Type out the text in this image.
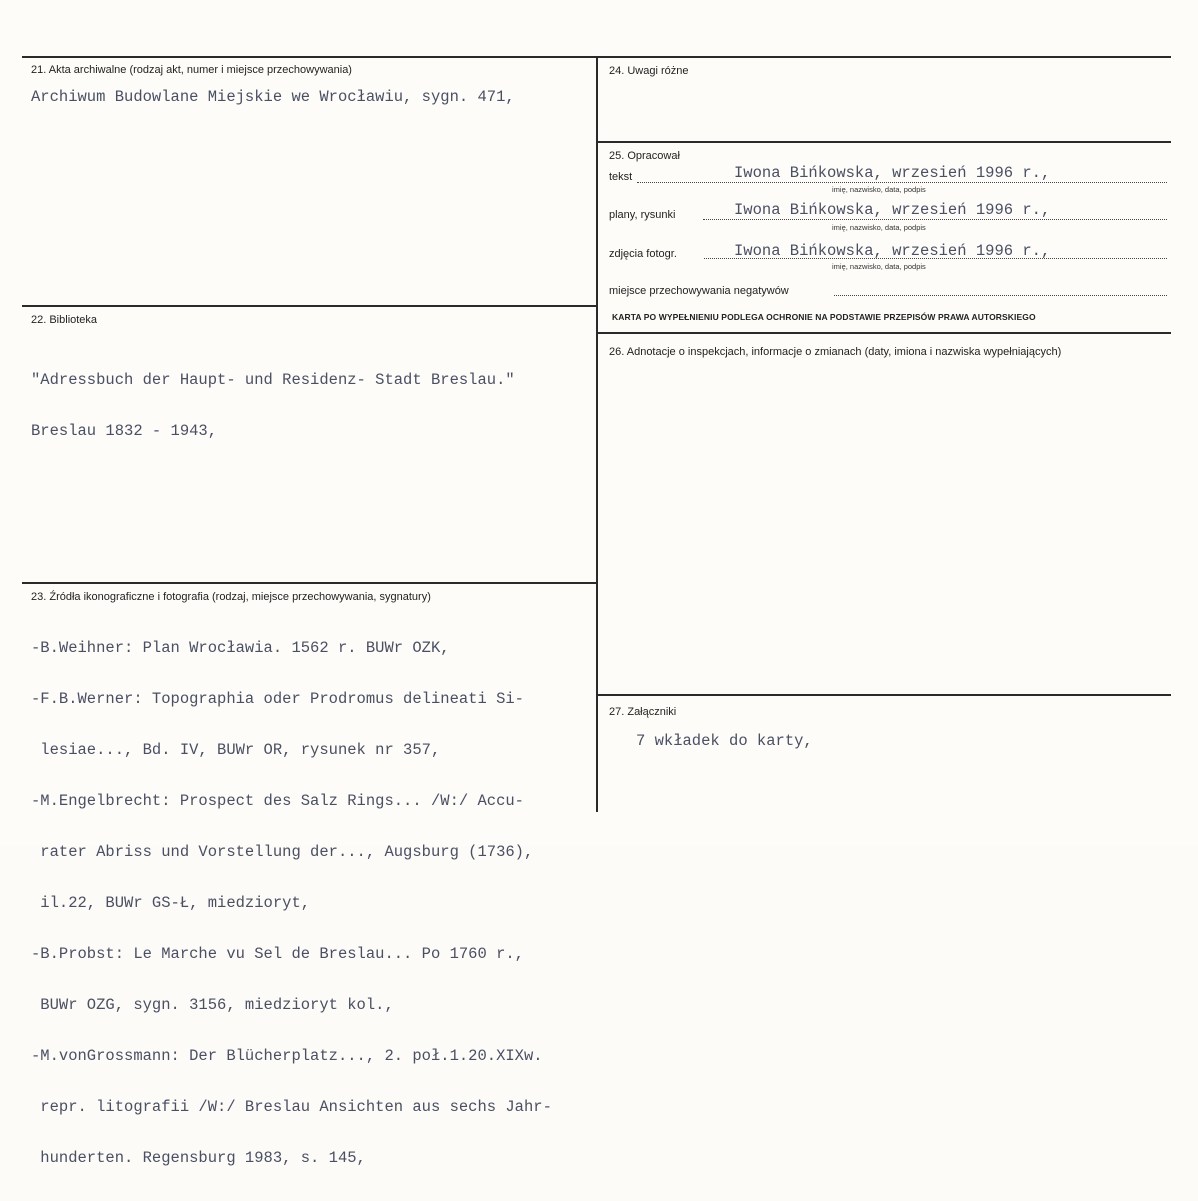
21. Akta archiwalne (rodzaj akt, numer i miejsce przechowywania)
Archiwum Budowlane Miejskie we Wrocławiu, sygn. 471,
22. Biblioteka

"Adressbuch der Haupt- und Residenz- Stadt Breslau."

Breslau 1832 - 1943,

23. Źródła ikonograficzne i fotografia (rodzaj, miejsce przechowywania, sygnatury)

-B.Weihner: Plan Wrocławia. 1562 r. BUWr OZK,

-F.B.Werner: Topographia oder Prodromus delineati Si-

lesiae..., Bd. IV, BUWr OR, rysunek nr 357,

-M.Engelbrecht: Prospect des Salz Rings... /W:/ Accu-

rater Abriss und Vorstellung der..., Augsburg (1736),

il.22, BUWr GS-Ł, miedzioryt,

-B.Probst: Le Marche vu Sel de Breslau... Po 1760 r.,

BUWr OZG, sygn. 3156, miedzioryt kol.,

-M.vonGrossmann: Der Blücherplatz..., 2. poł.1.20.XIXw.

repr. litografii /W:/ Breslau Ansichten aus sechs Jahr-

hunderten. Regensburg 1983, s. 145,

24. Uwagi różne
25. Opracował
tekst	Iwona Bińkowska, wrzesień 1996 r.,
imię, nazwisko, data, podpis
plany, rysunki	Iwona Bińkowska, wrzesień 1996 r.,
imię, nazwisko, data, podpis
zdjęcia fotogr.	Iwona Bińkowska, wrzesień 1996 r.,
imię, nazwisko, data, podpis
miejsce przechowywania negatywów
KARTA PO WYPEŁNIENIU PODLEGA OCHRONIE NA PODSTAWIE PRZEPISÓW PRAWA AUTORSKIEGO
26. Adnotacje o inspekcjach, informacje o zmianach (daty, imiona i nazwiska wypełniających)
27. Załączniki
7 wkładek do karty,
